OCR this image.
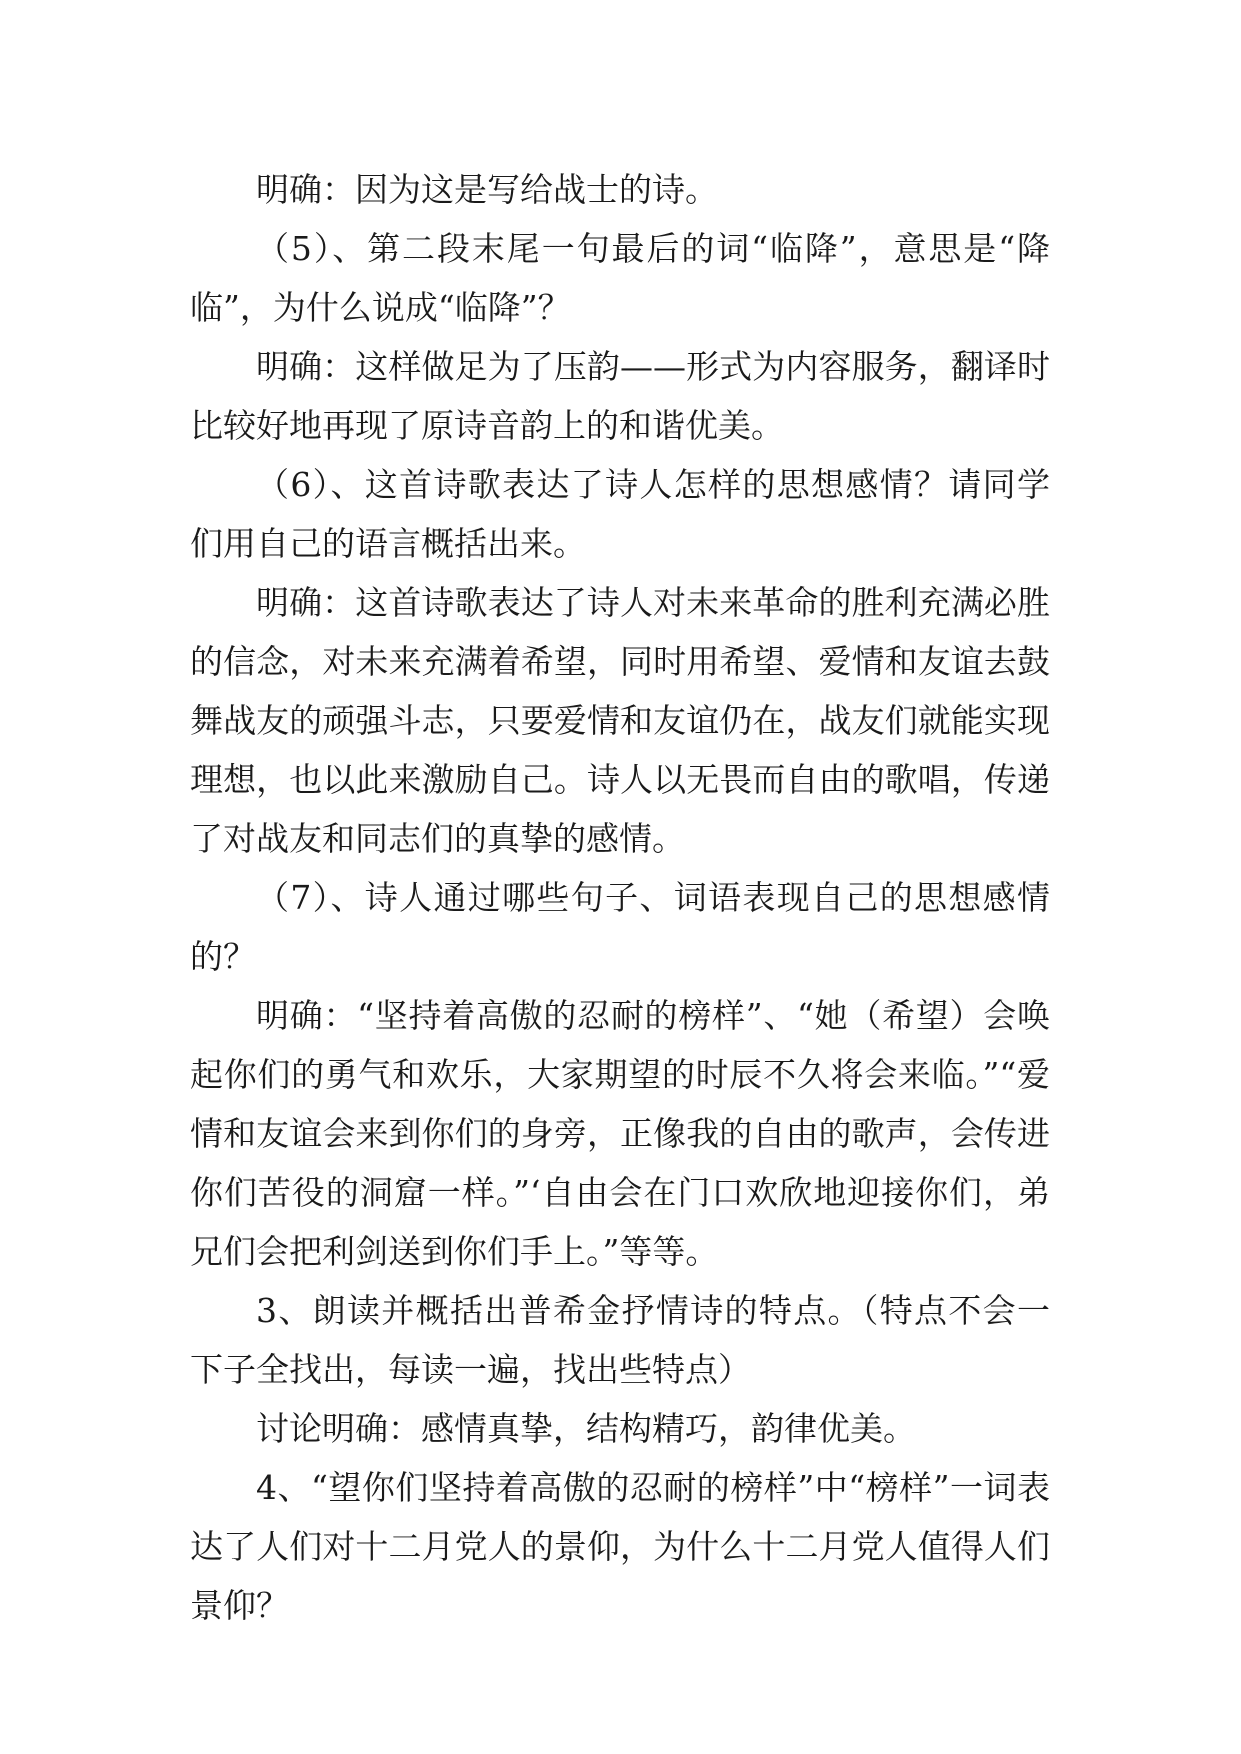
明确：因为这是写给战士的诗。

（5）、第二段末尾一句最后的词“临降”，意思是“降临”，为什么说成“临降”？

明确：这样做足为了压韵——形式为内容服务，翻译时比较好地再现了原诗音韵上的和谐优美。

（6）、这首诗歌表达了诗人怎样的思想感情？请同学们用自己的语言概括出来。

明确：这首诗歌表达了诗人对未来革命的胜利充满必胜的信念，对未来充满着希望，同时用希望、爱情和友谊去鼓舞战友的顽强斗志，只要爱情和友谊仍在，战友们就能实现理想，也以此来激励自己。诗人以无畏而自由的歌唱，传递了对战友和同志们的真挚的感情。

（7）、诗人通过哪些句子、词语表现自己的思想感情的？

明确：“坚持着高傲的忍耐的榜样”、“她（希望）会唤起你们的勇气和欢乐，大家期望的时辰不久将会来临。”“爱情和友谊会来到你们的身旁，正像我的自由的歌声，会传进你们苦役的洞窟一样。”‘自由会在门口欢欣地迎接你们，弟兄们会把利剑送到你们手上。”等等。

3、朗读并概括出普希金抒情诗的特点。（特点不会一下子全找出，每读一遍，找出些特点）

讨论明确：感情真挚，结构精巧，韵律优美。

4、“望你们坚持着高傲的忍耐的榜样”中“榜样”一词表达了人们对十二月党人的景仰，为什么十二月党人值得人们景仰？
